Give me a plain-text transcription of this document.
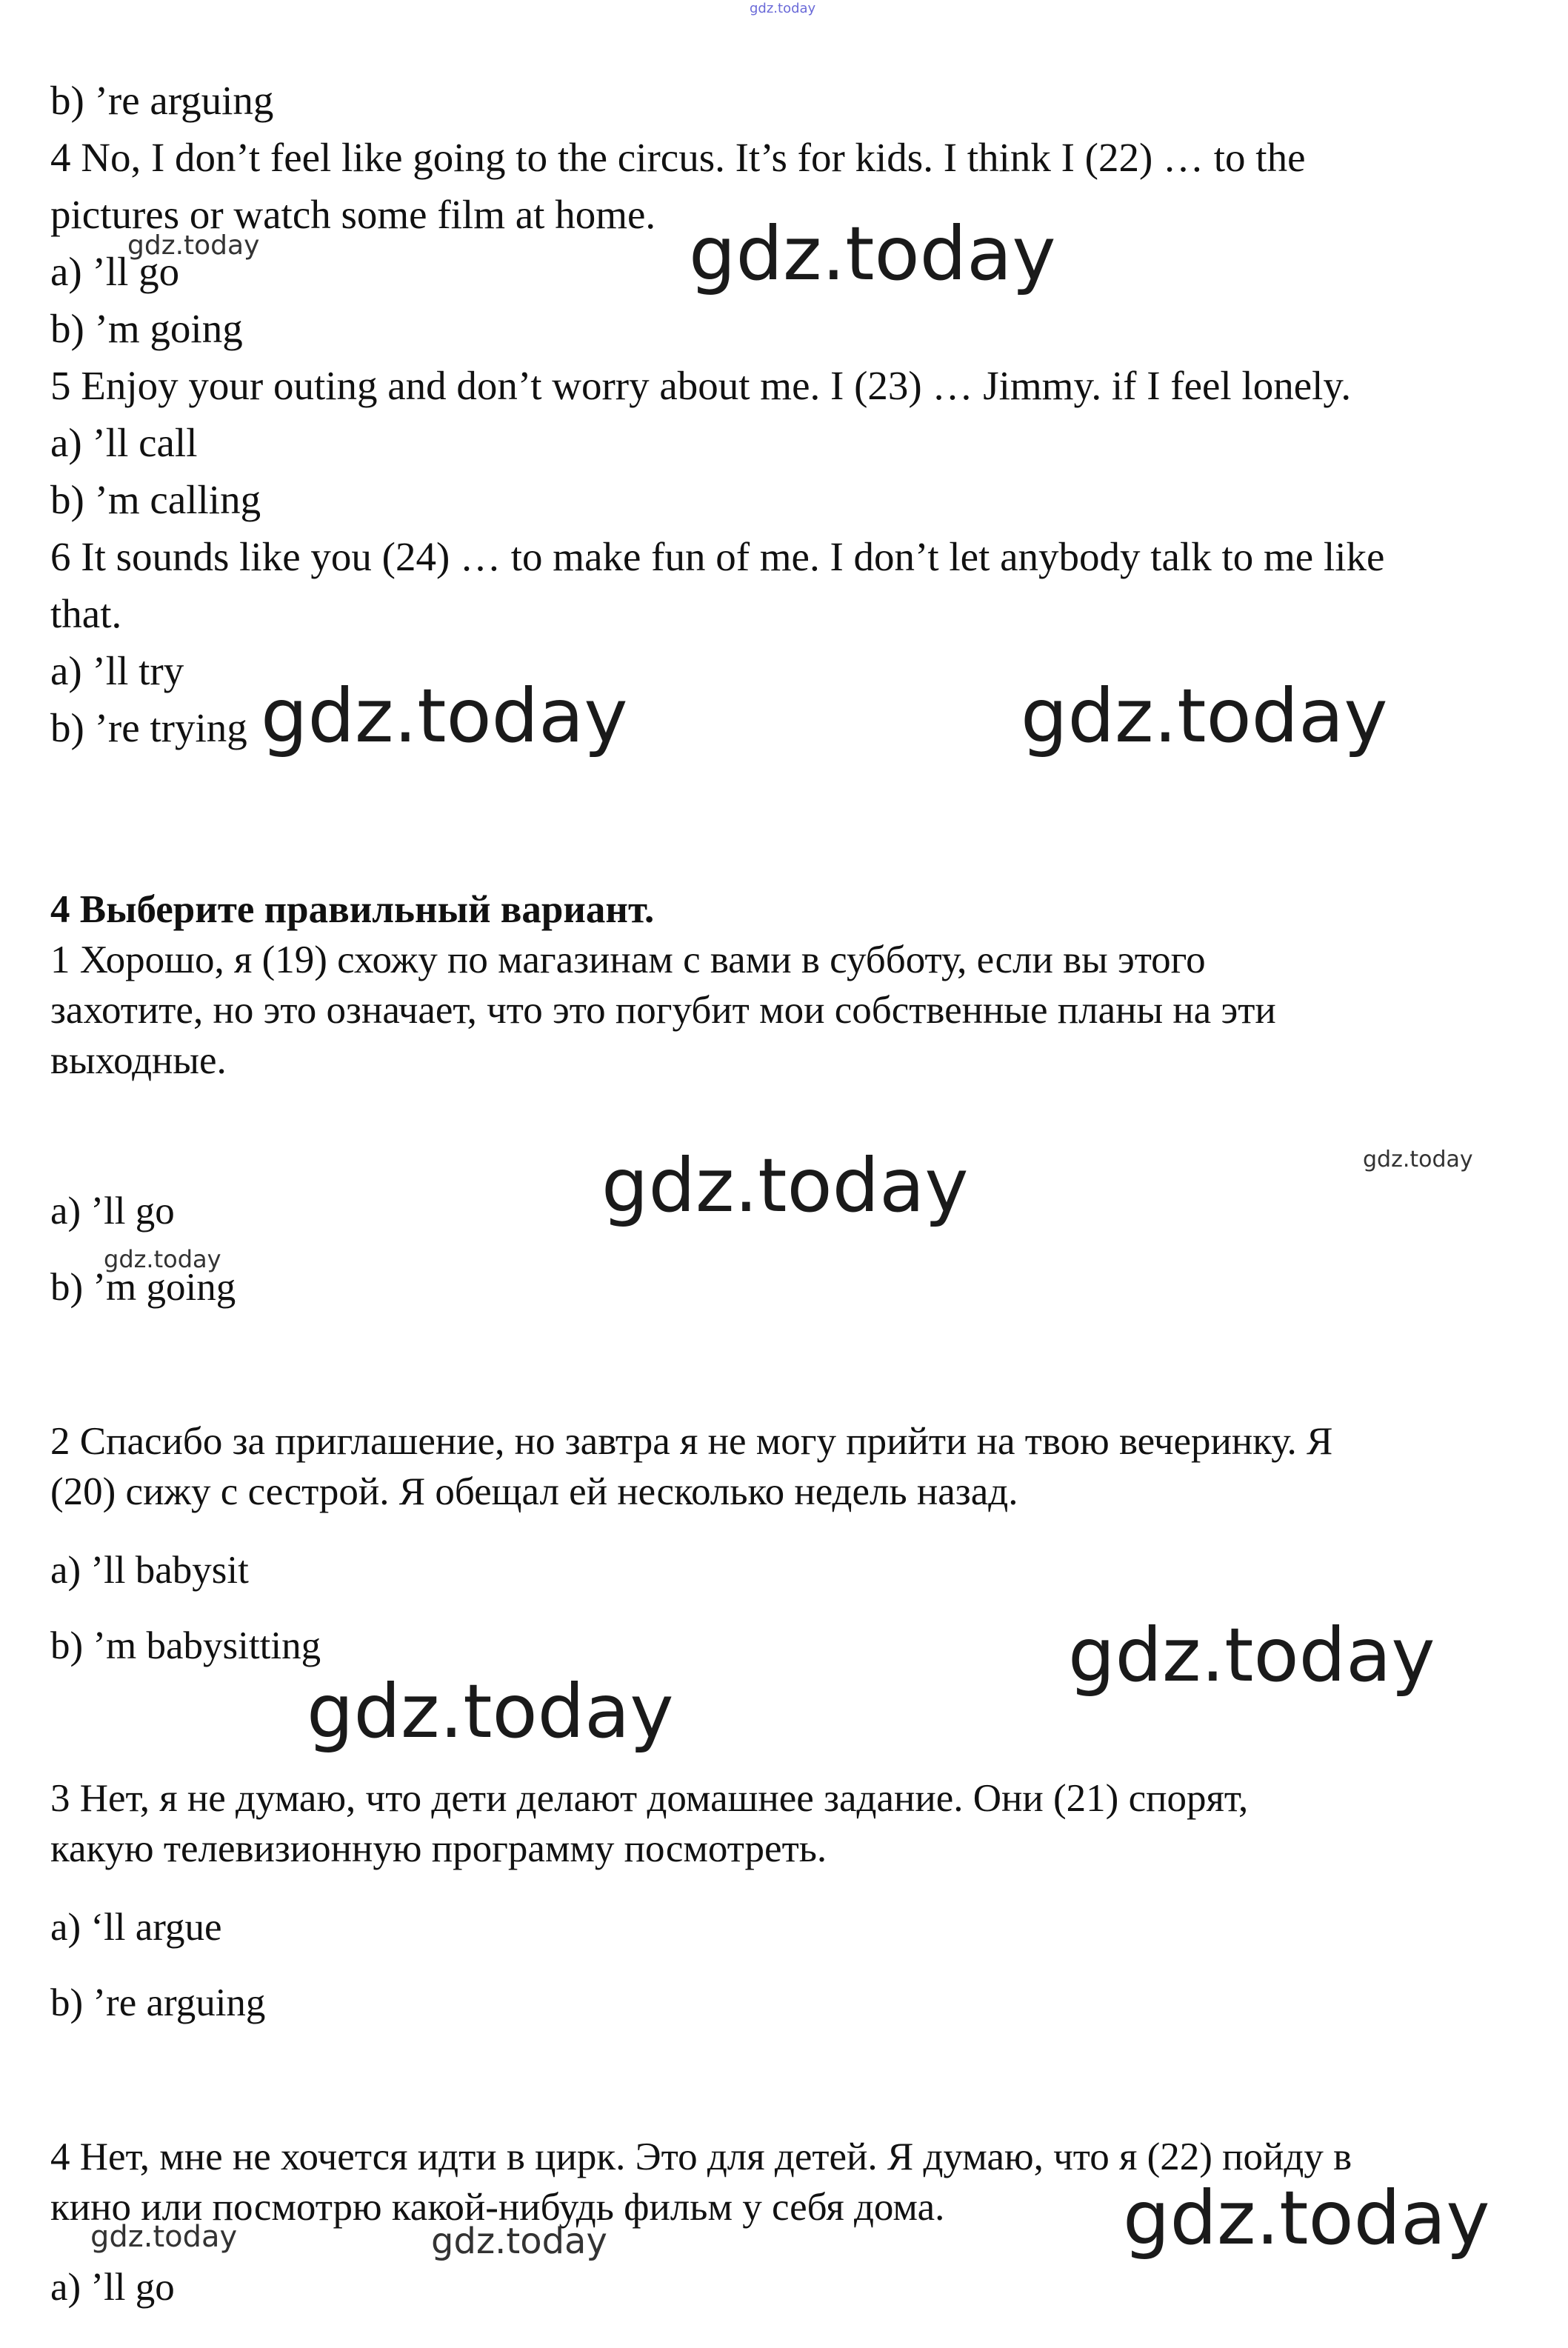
gdz.today
b) ’re arguing
4 No, I don’t feel like going to the circus. It’s for kids. I think I (22) … to the
pictures or watch some film at home.
a) ’ll go
b) ’m going
5 Enjoy your outing and don’t worry about me. I (23) … Jimmy. if I feel lonely.
a) ’ll call
b) ’m calling
6 It sounds like you (24) … to make fun of me. I don’t let anybody talk to me like
that.
a) ’ll try
b) ’re trying
4 Выберите правильный вариант.
1 Хорошо, я (19) схожу по магазинам с вами в субботу, если вы этого
захотите, но это означает, что это погубит мои собственные планы на эти
выходные.
a) ’ll go
b) ’m going
2 Спасибо за приглашение, но завтра я не могу прийти на твою вечеринку. Я
(20) сижу с сестрой. Я обещал ей несколько недель назад.
a) ’ll babysit
b) ’m babysitting
3 Нет, я не думаю, что дети делают домашнее задание. Они (21) спорят,
какую телевизионную программу посмотреть.
a) ‘ll argue
b) ’re arguing
4 Нет, мне не хочется идти в цирк. Это для детей. Я думаю, что я (22) пойду в
кино или посмотрю какой-нибудь фильм у себя дома.
a) ’ll go
gdz.today	gdz.today
gdz.today	gdz.today
gdz.today	gdz.today
gdz.today
gdz.today
gdz.today
gdz.today
gdz.today	gdz.today
